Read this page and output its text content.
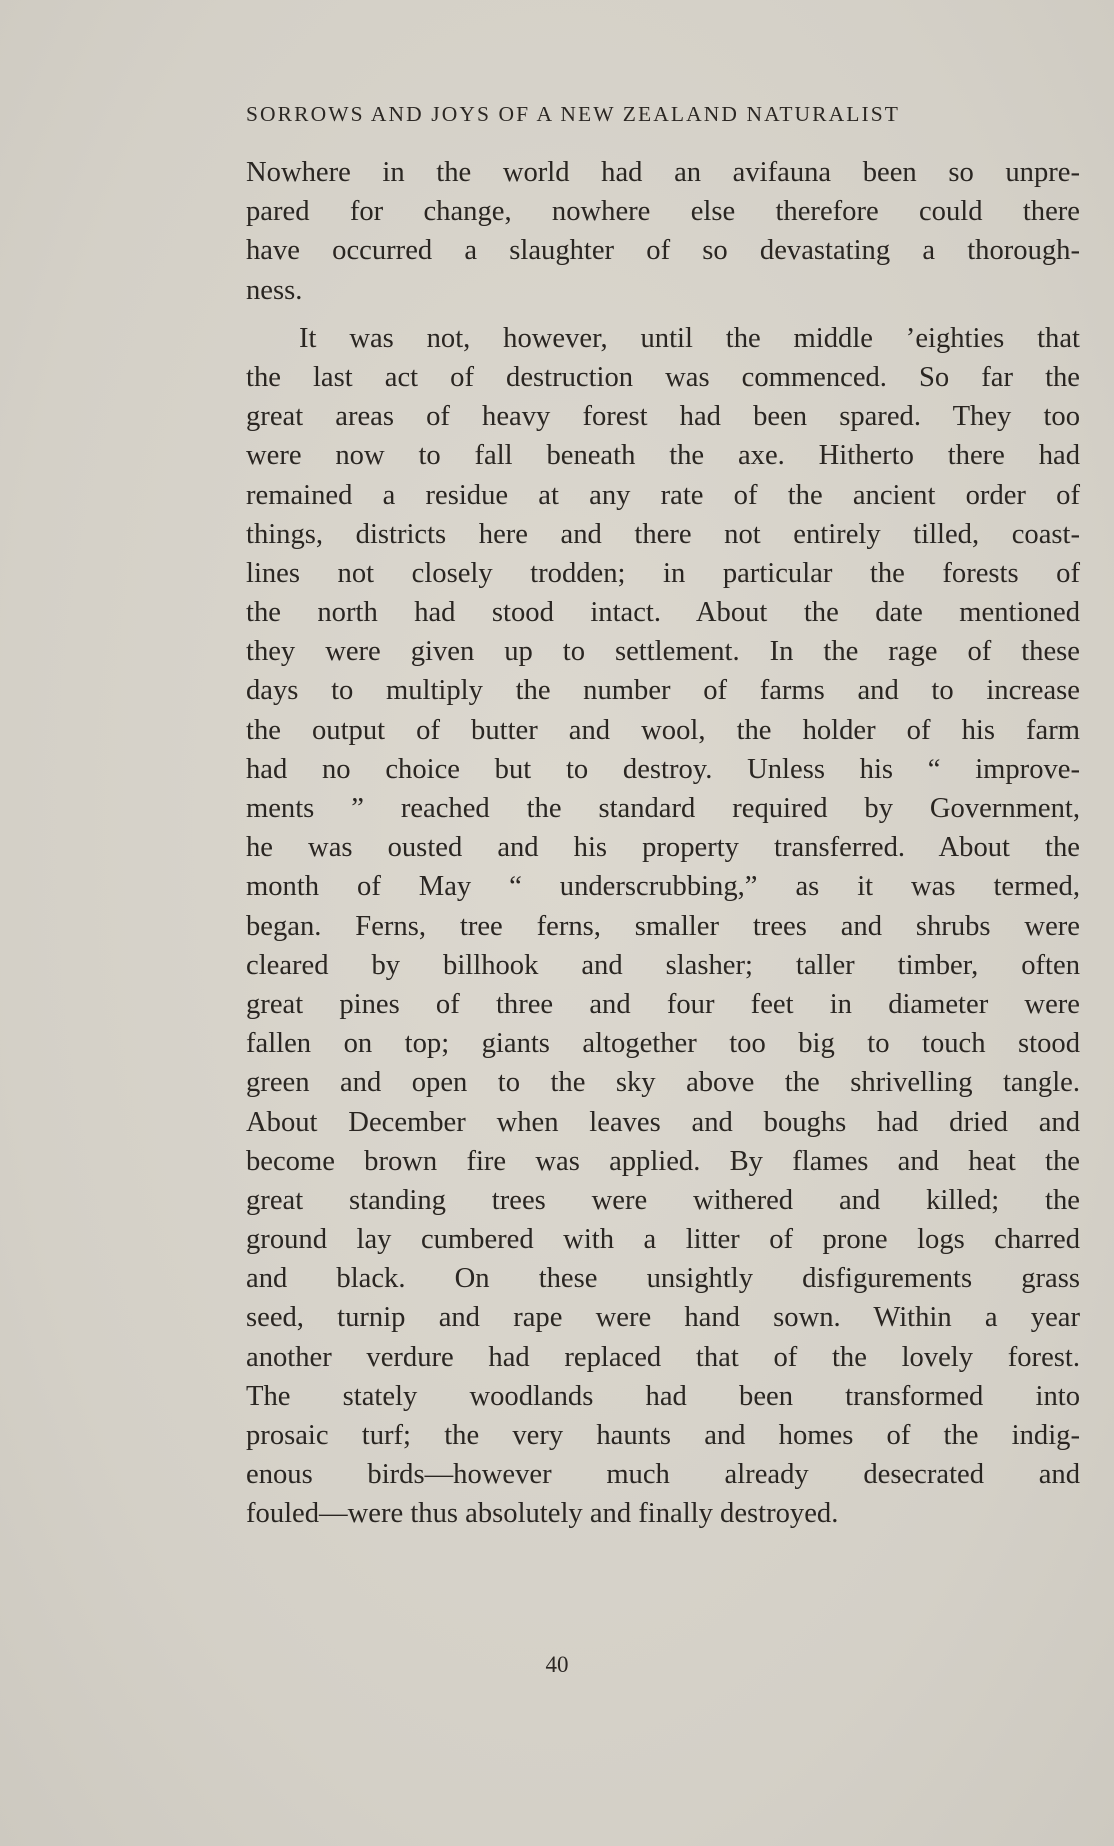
SORROWS AND JOYS OF A NEW ZEALAND NATURALIST
Nowhere in the world had an avifauna been so unpre-
pared for change, nowhere else therefore could there
have occurred a slaughter of so devastating a thorough-
ness.
It was not, however, until the middle ’eighties that
the last act of destruction was commenced. So far the
great areas of heavy forest had been spared. They too
were now to fall beneath the axe. Hitherto there had
remained a residue at any rate of the ancient order of
things, districts here and there not entirely tilled, coast-
lines not closely trodden; in particular the forests of
the north had stood intact. About the date mentioned
they were given up to settlement. In the rage of these
days to multiply the number of farms and to increase
the output of butter and wool, the holder of his farm
had no choice but to destroy. Unless his “ improve-
ments ” reached the standard required by Government,
he was ousted and his property transferred. About the
month of May “ underscrubbing,” as it was termed,
began. Ferns, tree ferns, smaller trees and shrubs were
cleared by billhook and slasher; taller timber, often
great pines of three and four feet in diameter were
fallen on top; giants altogether too big to touch stood
green and open to the sky above the shrivelling tangle.
About December when leaves and boughs had dried and
become brown fire was applied. By flames and heat the
great standing trees were withered and killed; the
ground lay cumbered with a litter of prone logs charred
and black. On these unsightly disfigurements grass
seed, turnip and rape were hand sown. Within a year
another verdure had replaced that of the lovely forest.
The stately woodlands had been transformed into
prosaic turf; the very haunts and homes of the indig-
enous birds—however much already desecrated and
fouled—were thus absolutely and finally destroyed.
40
